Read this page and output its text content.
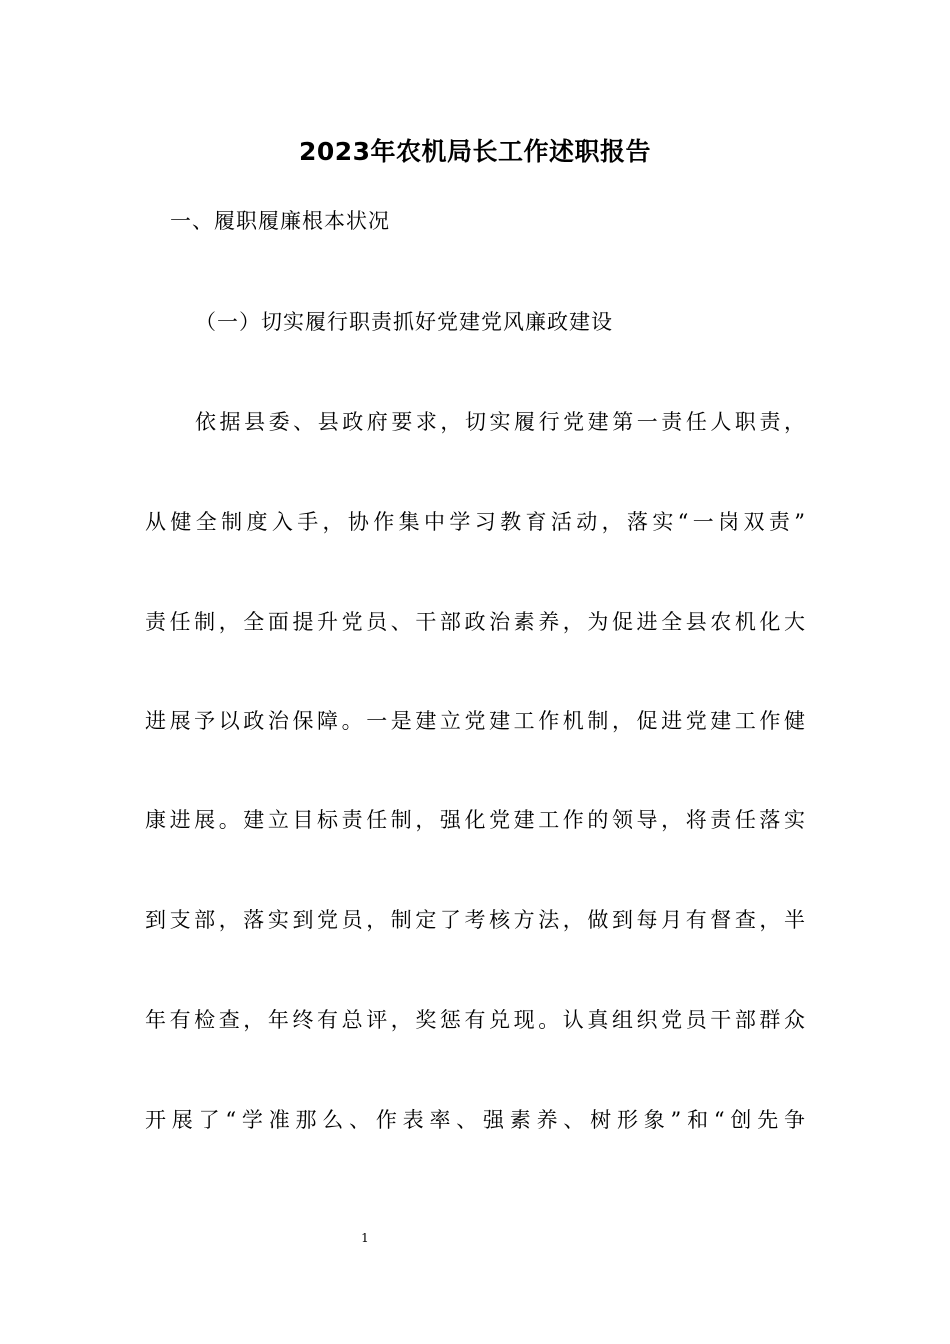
2023年农机局长工作述职报告
一、履职履廉根本状况
（一）切实履行职责抓好党建党风廉政建设
依据县委、县政府要求，切实履行党建第一责任人职责，
从健全制度入手，协作集中学习教育活动，落实“一岗双责”
责任制，全面提升党员、干部政治素养，为促进全县农机化大
进展予以政治保障。一是建立党建工作机制，促进党建工作健
康进展。建立目标责任制，强化党建工作的领导，将责任落实
到支部，落实到党员，制定了考核方法，做到每月有督查，半
年有检查，年终有总评，奖惩有兑现。认真组织党员干部群众
开展了“学准那么、作表率、强素养、树形象”和“创先争
1
